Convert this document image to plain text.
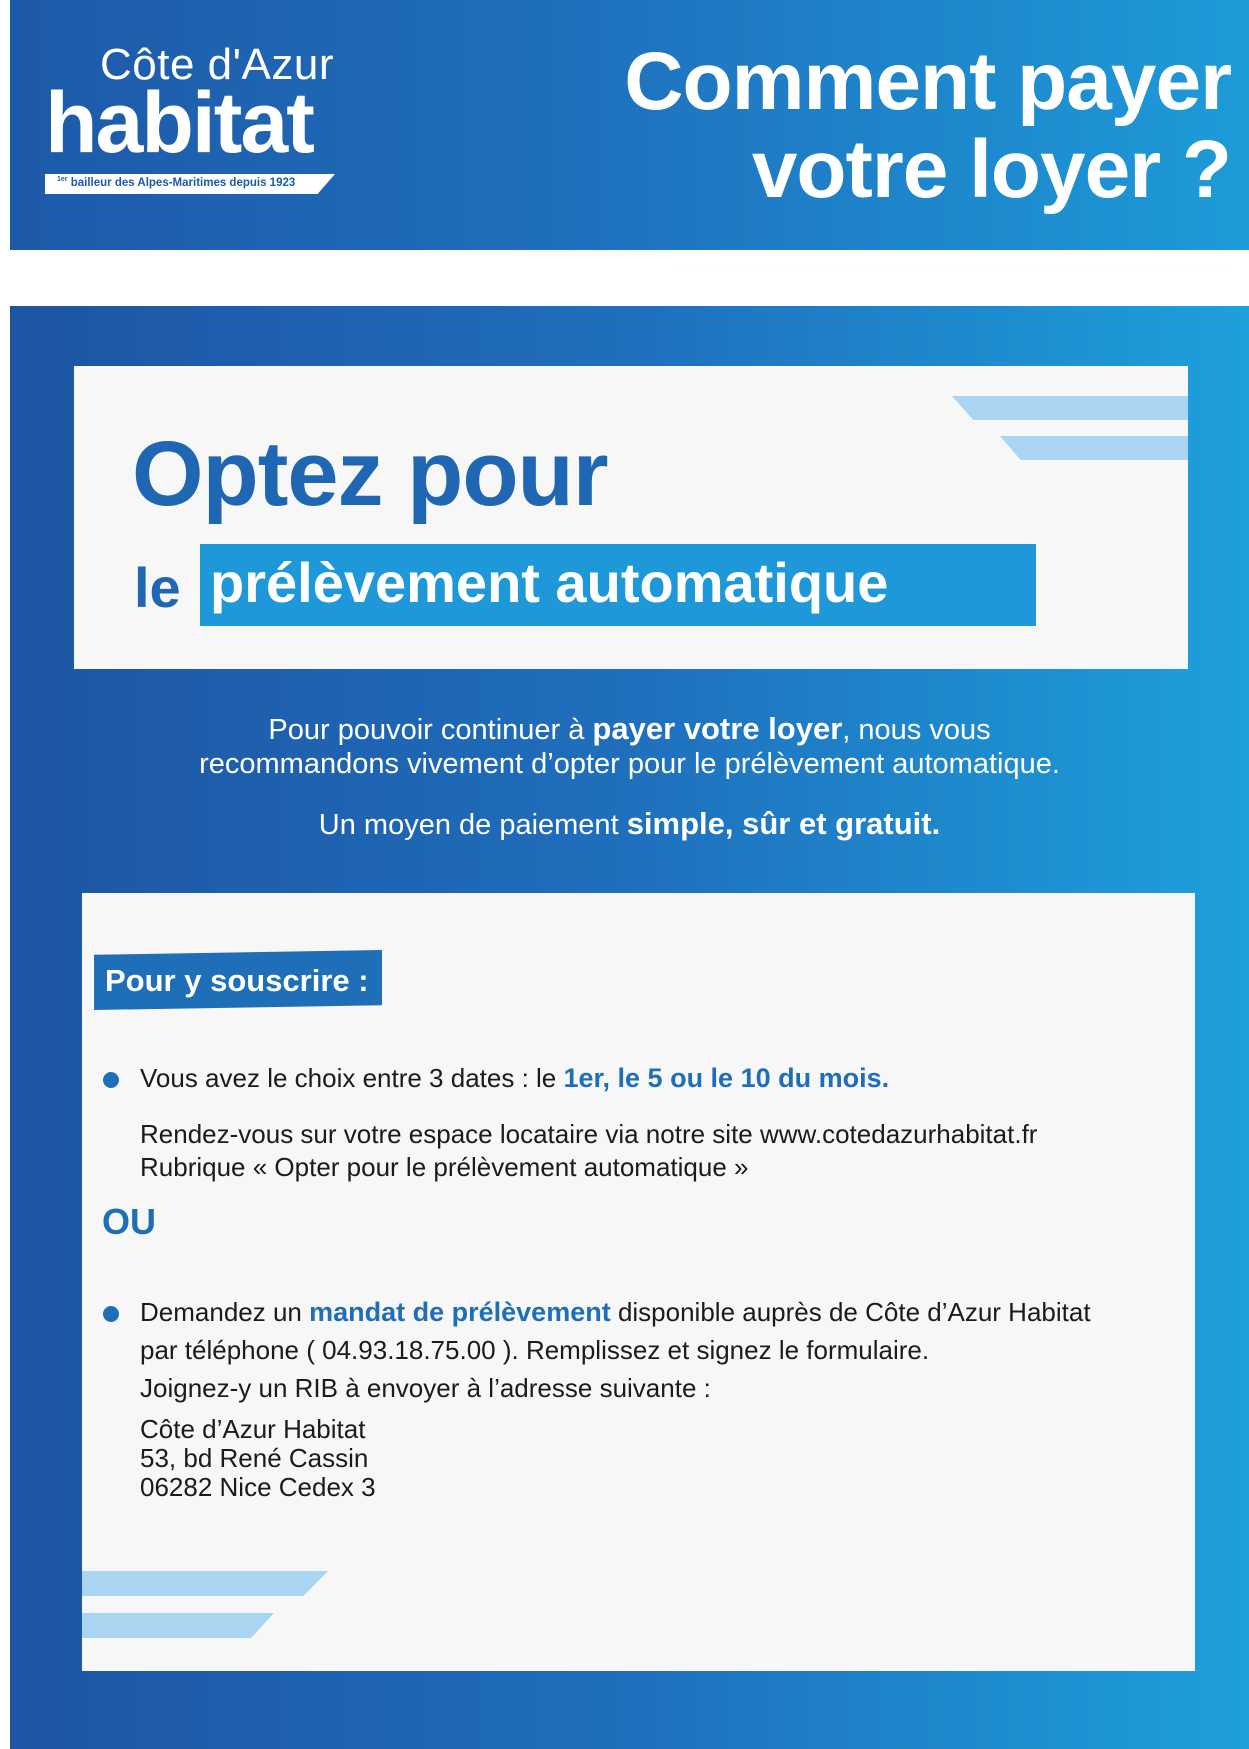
Côte d'Azur
habitat
$^{1er}$ bailleur des Alpes-Maritimes depuis 1923
Comment payer
votre loyer ?
Optez pour
le prélèvement automatique

Pour pouvoir continuer à payer votre loyer, nous vous
recommandons vivement d’opter pour le prélèvement automatique.

Un moyen de paiement simple, sûr et gratuit.

Pour y souscrire :
Vous avez le choix entre 3 dates : le 1er, le 5 ou le 10 du mois.
Rendez-vous sur votre espace locataire via notre site www.cotedazurhabitat.fr
Rubrique « Opter pour le prélèvement automatique »
OU
Demandez un mandat de prélèvement disponible auprès de Côte d’Azur Habitat
par téléphone ( 04.93.18.75.00 ). Remplissez et signez le formulaire.
Joignez-y un RIB à envoyer à l’adresse suivante :
Côte d’Azur Habitat
53, bd René Cassin
06282 Nice Cedex 3
